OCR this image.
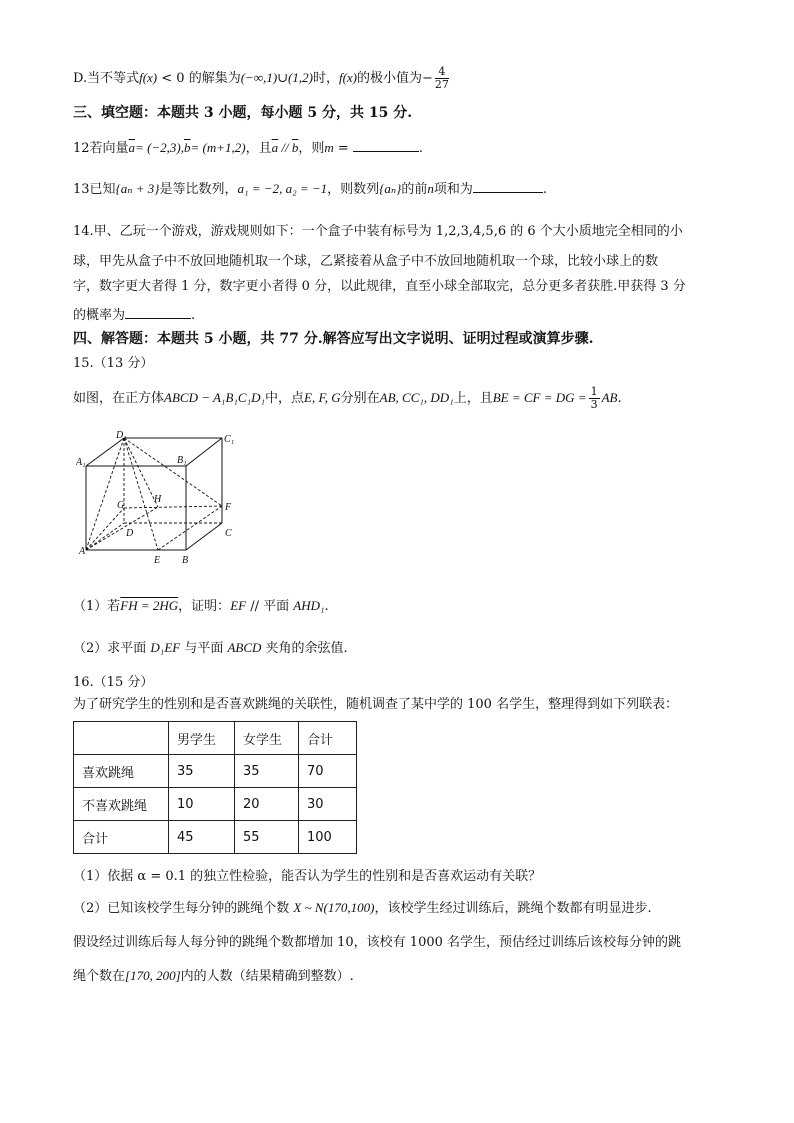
D.当不等式f(x) < 0 的解集为(−∞,1)∪(1,2)时，f(x)的极小值为− $\frac{4}{27}$
三、填空题：本题共 3 小题，每小题 5 分，共 15 分.
12若向量$\overline{a}= (-2,3),\overline{b}= (m+1,2)$，且$\overline{a} // \overline{b}$，则m =	.
13已知{aₙ + 3}是等比数列，a₁ = −2, a₂ = −1，则数列{aₙ}的前n项和为	.
14.甲、乙玩一个游戏，游戏规则如下：一个盒子中装有标号为 1,2,3,4,5,6 的 6 个大小质地完全相同的小
球，甲先从盒子中不放回地随机取一个球，乙紧接着从盒子中不放回地随机取一个球，比较小球上的数
字，数字更大者得 1 分，数字更小者得 0 分，以此规律，直至小球全部取完，总分更多者获胜.甲获得 3 分
的概率为	.
四、解答题：本题共 5 小题，共 77 分.解答应写出文字说明、证明过程或演算步骤.
15.（13 分）
如图，在正方体ABCD − A₁B₁C₁D₁中，点E, F, G分别在AB, CC₁, DD₁上，且BE = CF = DG = $\frac{1}{3}$ AB.
D₁	C₁
A₁	B₁
G
H
F
D	C
A
E B
（1）若FH = 2HG，证明：EF // 平面 AHD₁.
（2）求平面 D₁EF 与平面 ABCD 夹角的余弦值.
16.（15 分）
为了研究学生的性别和是否喜欢跳绳的关联性，随机调查了某中学的 100 名学生，整理得到如下列联表：
	男学生	女学生	合计
喜欢跳绳	35	35	70
不喜欢跳绳	10	20	30
合计	45	55	100
（1）依据 α = 0.1 的独立性检验，能否认为学生的性别和是否喜欢运动有关联？
（2）已知该校学生每分钟的跳绳个数 X ~ N(170,100)，该校学生经过训练后，跳绳个数都有明显进步.
假设经过训练后每人每分钟的跳绳个数都增加 10，该校有 1000 名学生，预估经过训练后该校每分钟的跳
绳个数在[170, 200]内的人数（结果精确到整数）.
